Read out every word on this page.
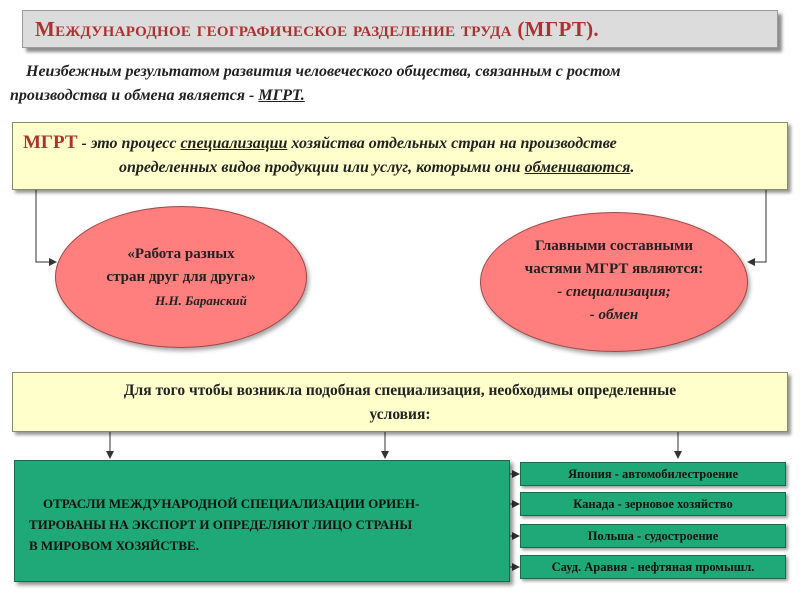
Международное географическое разделение труда (МГРТ).
Неизбежным результатом развития человеческого общества, связанным с ростом
производства и обмена является - МГРТ.
МГРТ - это процесс специализации хозяйства отдельных стран на производстве
определенных видов продукции или услуг, которыми они обмениваются.
«Работа разных
стран друг для друга»
Н.Н. Баранский
Главными составными
частями МГРТ являются:
- специализация;
- обмен
Для того чтобы возникла подобная специализация, необходимы определенные
условия:
ОТРАСЛИ МЕЖДУНАРОДНОЙ СПЕЦИАЛИЗАЦИИ ОРИЕН-
ТИРОВАНЫ НА ЭКСПОРТ И ОПРЕДЕЛЯЮТ ЛИЦО СТРАНЫ
В МИРОВОМ ХОЗЯЙСТВЕ.
Япония - автомобилестроение
Канада - зерновое хозяйство
Польша - судостроение
Сауд. Аравия - нефтяная промышл.
